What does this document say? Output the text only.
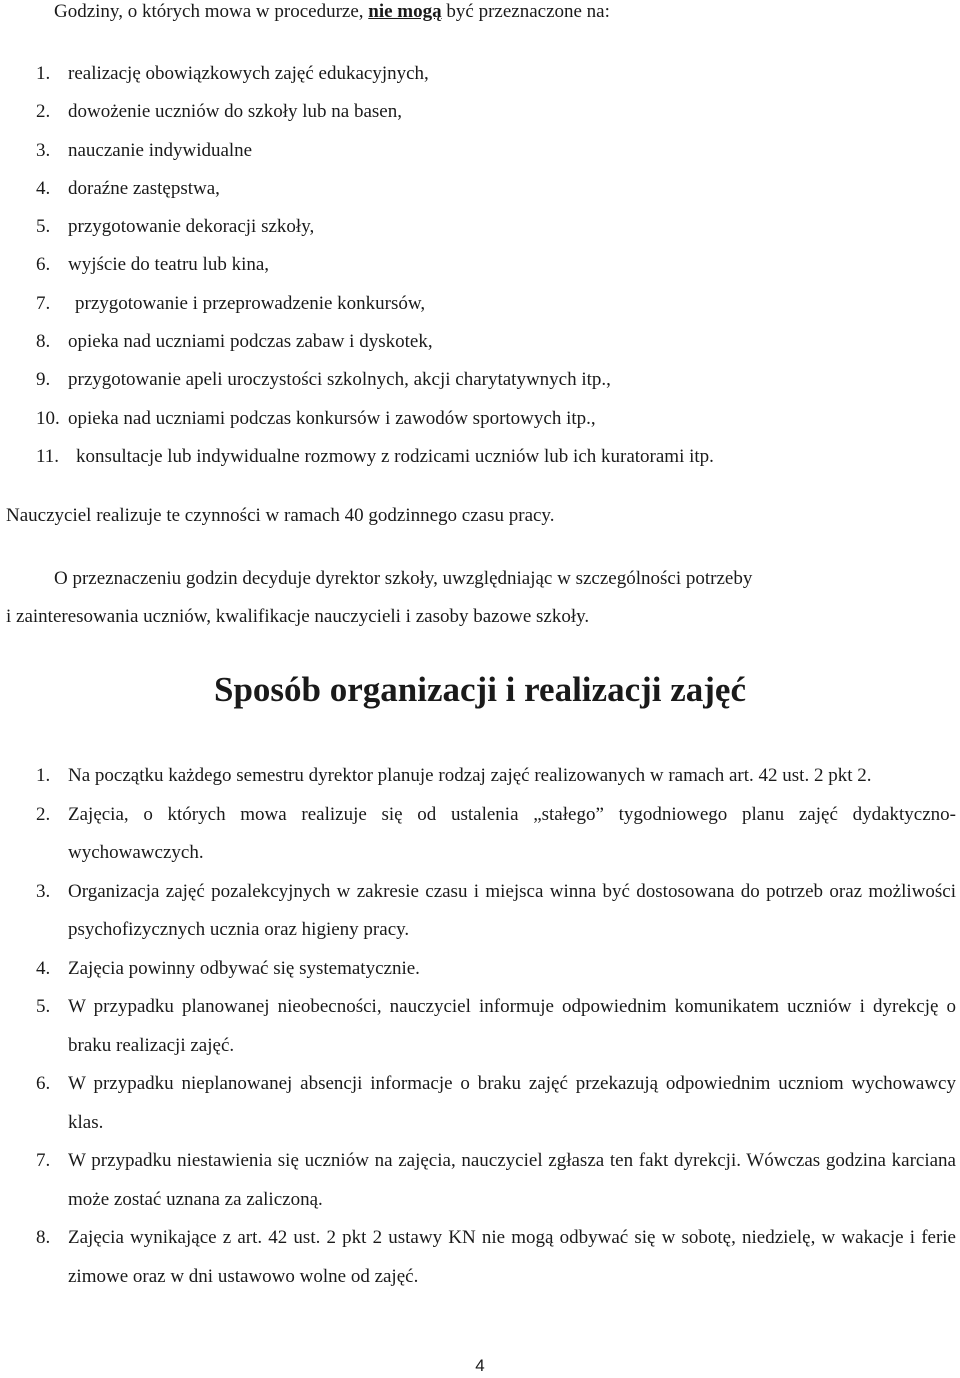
Godziny, o których mowa w procedurze, nie mogą być przeznaczone na:

1. realizację obowiązkowych zajęć edukacyjnych,
2. dowożenie uczniów do szkoły lub na basen,
3. nauczanie indywidualne
4. doraźne zastępstwa,
5. przygotowanie dekoracji szkoły,
6. wyjście do teatru lub kina,
7. przygotowanie i przeprowadzenie konkursów,
8. opieka nad uczniami podczas zabaw i dyskotek,
9. przygotowanie apeli uroczystości szkolnych, akcji charytatywnych itp.,
10. opieka nad uczniami podczas konkursów i zawodów sportowych itp.,
11. konsultacje lub indywidualne rozmowy z rodzicami uczniów lub ich kuratorami itp.

Nauczyciel realizuje te czynności w ramach 40 godzinnego czasu pracy.

O przeznaczeniu godzin decyduje dyrektor szkoły, uwzględniając w szczególności potrzeby

i zainteresowania uczniów, kwalifikacje nauczycieli i zasoby bazowe szkoły.

Sposób organizacji i realizacji zajęć
1. Na początku każdego semestru dyrektor planuje rodzaj zajęć realizowanych w ramach art. 42 ust. 2 pkt 2.
2. Zajęcia, o których mowa realizuje się od ustalenia „stałego” tygodniowego planu zajęć dydaktyczno-wychowawczych.
3. Organizacja zajęć pozalekcyjnych w zakresie czasu i miejsca winna być dostosowana do potrzeb oraz możliwości psychofizycznych ucznia oraz higieny pracy.
4. Zajęcia powinny odbywać się systematycznie.
5. W przypadku planowanej nieobecności, nauczyciel informuje odpowiednim komunikatem uczniów i dyrekcję o braku realizacji zajęć.
6. W przypadku nieplanowanej absencji informacje o braku zajęć przekazują odpowiednim uczniom wychowawcy klas.
7. W przypadku niestawienia się uczniów na zajęcia, nauczyciel zgłasza ten fakt dyrekcji. Wówczas godzina karciana może zostać uznana za zaliczoną.
8. Zajęcia wynikające z art. 42 ust. 2 pkt 2 ustawy KN nie mogą odbywać się w sobotę, niedzielę, w wakacje i ferie zimowe oraz w dni ustawowo wolne od zajęć.
4
